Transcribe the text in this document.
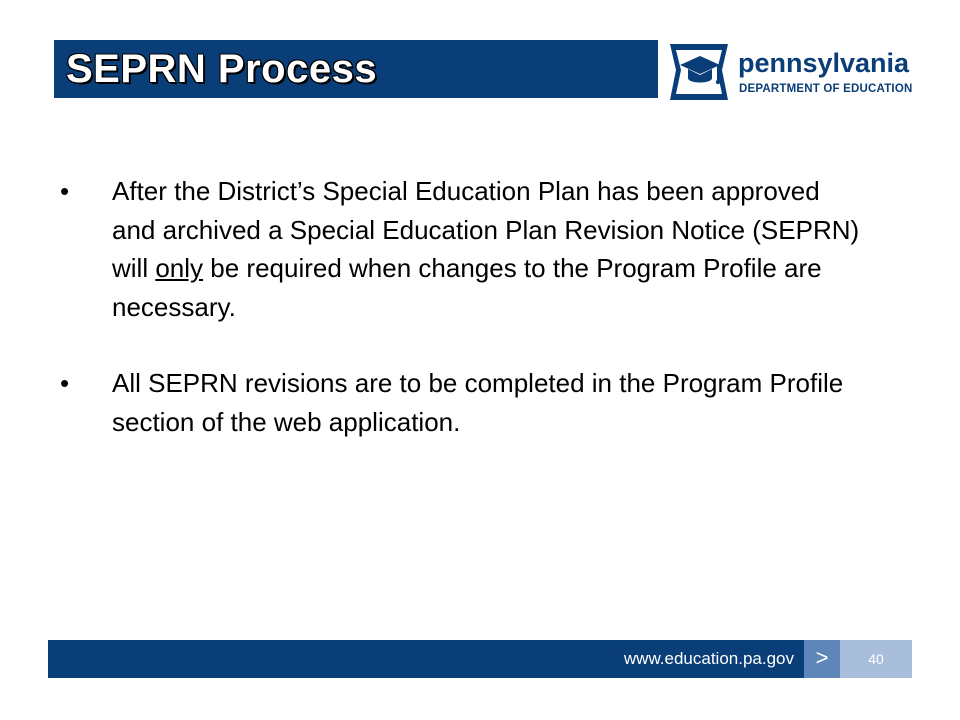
SEPRN Process	pennsylvania
DEPARTMENT OF EDUCATION
• After the District’s Special Education Plan has been approved and archived a Special Education Plan Revision Notice (SEPRN) will only be required when changes to the Program Profile are necessary.
• All SEPRN revisions are to be completed in the Program Profile section of the web application.
www.education.pa.gov >	40
